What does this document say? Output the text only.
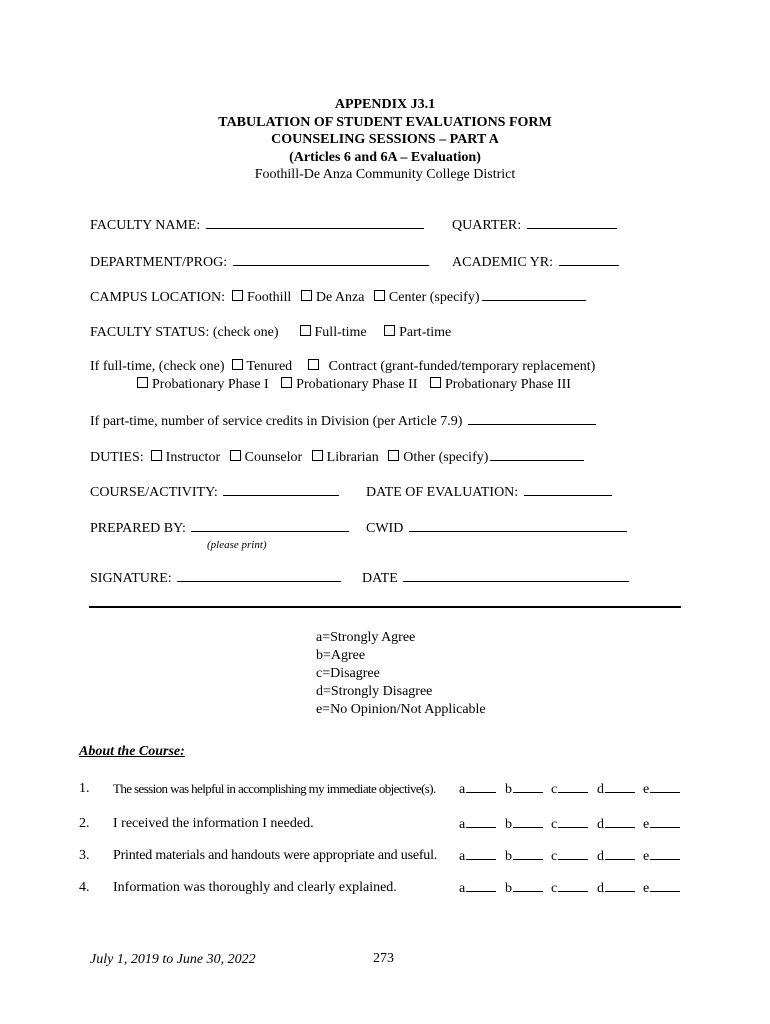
APPENDIX J3.1
TABULATION OF STUDENT EVALUATIONS FORM
COUNSELING SESSIONS – PART A
(Articles 6 and 6A – Evaluation)
Foothill-De Anza Community College District
FACULTY NAME:	QUARTER:
DEPARTMENT/PROG:	ACADEMIC YR:
CAMPUS LOCATION: Foothill De Anza Center (specify)
FACULTY STATUS: (check one)	Full-time Part-time
If full-time, (check one) Tenured	Contract (grant-funded/temporary replacement)
Probationary Phase I Probationary Phase II Probationary Phase III
If part-time, number of service credits in Division (per Article 7.9)
DUTIES: Instructor Counselor Librarian Other (specify)
COURSE/ACTIVITY:	DATE OF EVALUATION:
PREPARED BY:	CWID
(please print)
SIGNATURE:	DATE
a=Strongly Agree
b=Agree
c=Disagree
d=Strongly Disagree
e=No Opinion/Not Applicable
About the Course:
1. The session was helpful in accomplishing my immediate objective(s). a	b	c	d	e
2. I received the information I needed.	a	b	c	d	e
3. Printed materials and handouts were appropriate and useful. a	b	c	d	e
4. Information was thoroughly and clearly explained.	a	b	c	d	e
July 1, 2019 to June 30, 2022	273
